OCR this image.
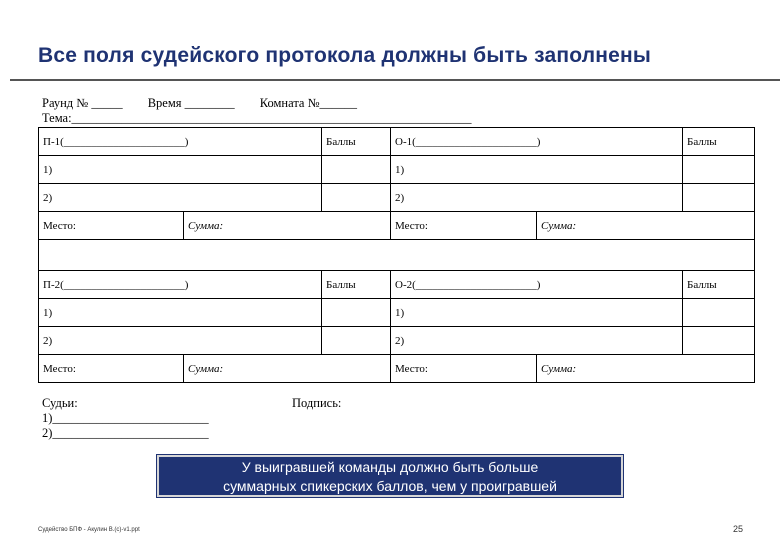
Все поля судейского протокола должны быть заполнены
Раунд № _____ Время ________ Комната №______
Тема:________________________________________________________________
П-1(______________________)		Баллы	О-1(______________________)		Баллы
1)			1)		
2)			2)		
Место:	Сумма:		Место:	Сумма:	

П-2(______________________)		Баллы	О-2(______________________)		Баллы
1)			1)		
2)			2)		
Место:	Сумма:		Место:	Сумма:	
Судьи:
1)_________________________
2)_________________________
Подпись:
У выигравшей команды должно быть больше
суммарных спикерских баллов, чем у проигравшей
Судейство БПФ - Акулин В.(с)-v1.ppt	25
